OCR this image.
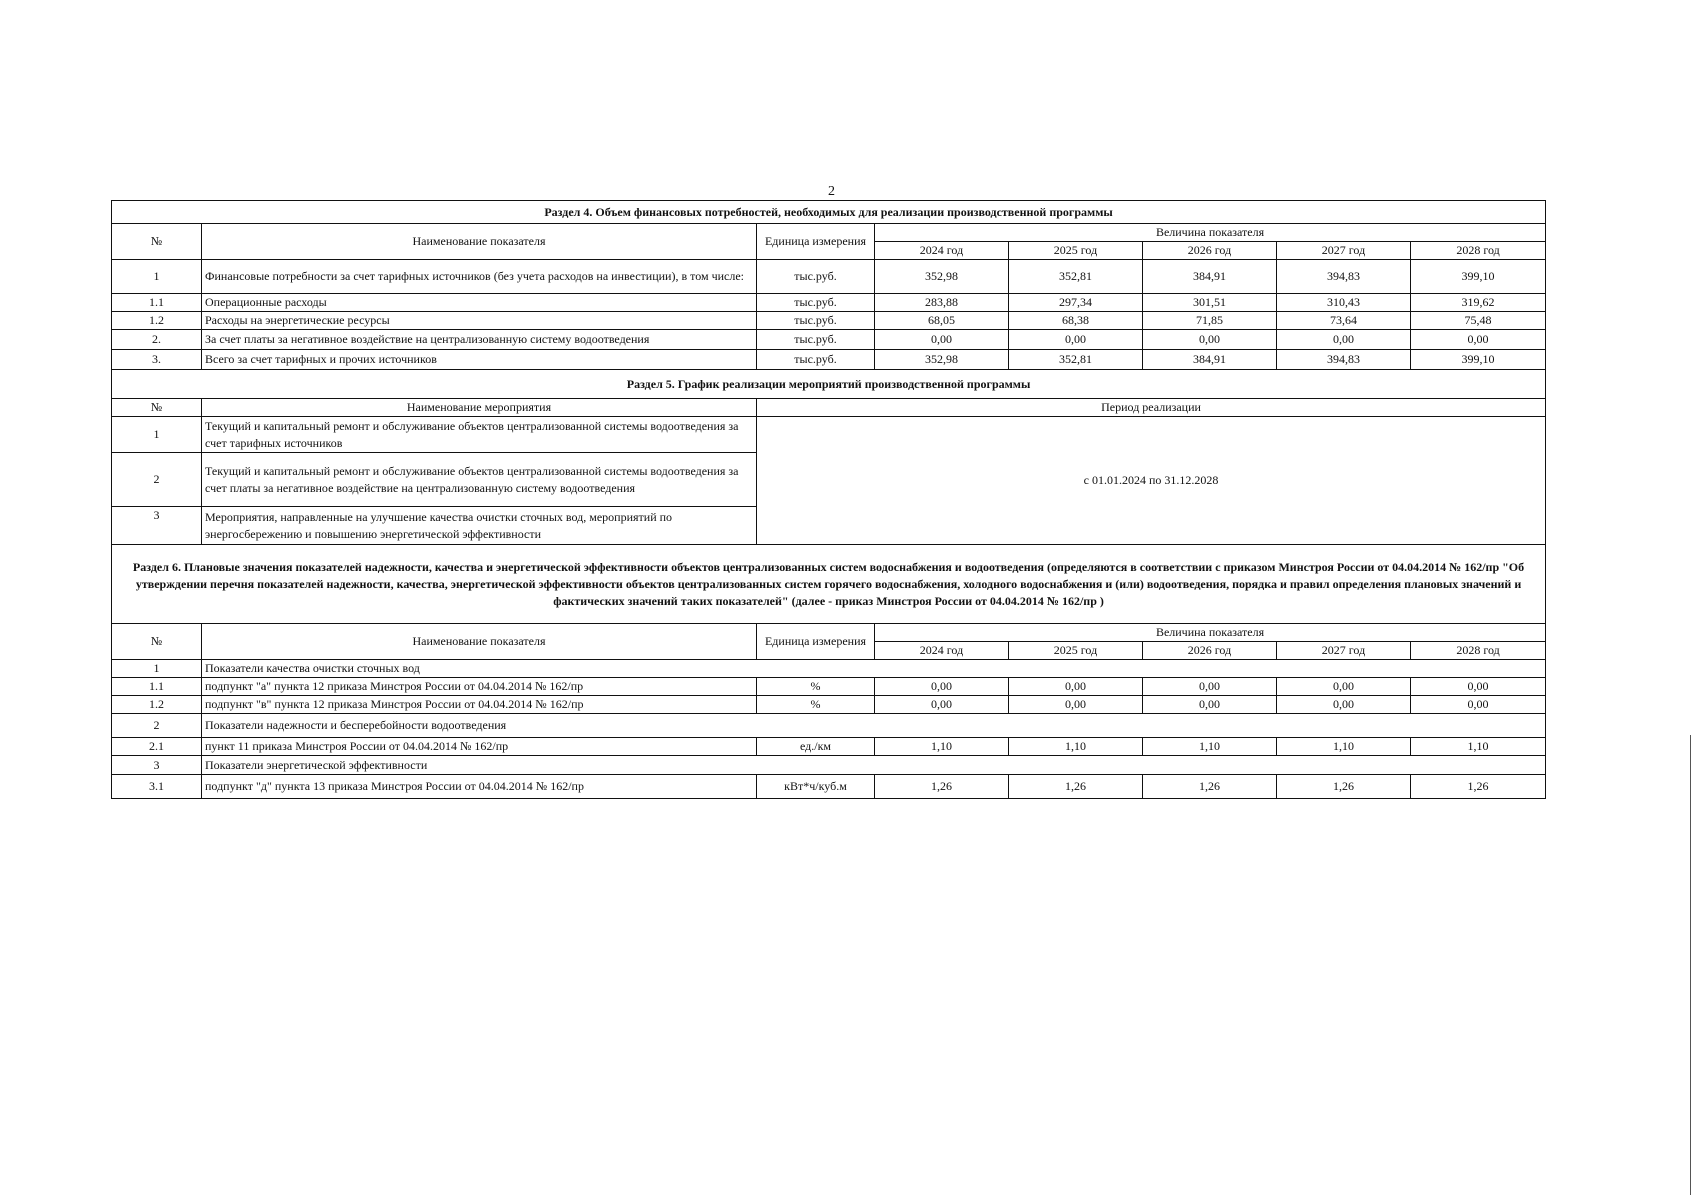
2
Раздел 4. Объем финансовых потребностей, необходимых для реализации производственной программы							
№	Наименование показателя	Единица измерения	Величина показателя				
			2024 год	2025 год	2026 год	2027 год	2028 год
1	Финансовые потребности за счет тарифных источников (без учета расходов на инвестиции), в том числе:	тыс.руб.	352,98	352,81	384,91	394,83	399,10
1.1	Операционные расходы	тыс.руб.	283,88	297,34	301,51	310,43	319,62
1.2	Расходы на энергетические ресурсы	тыс.руб.	68,05	68,38	71,85	73,64	75,48
2.	За счет платы за негативное воздействие на централизованную систему водоотведения	тыс.руб.	0,00	0,00	0,00	0,00	0,00
3.	Всего за счет тарифных и прочих источников	тыс.руб.	352,98	352,81	384,91	394,83	399,10
Раздел 5. График реализации мероприятий производственной программы							
№	Наименование мероприятия	Период реализации					
1	Текущий и капитальный ремонт и обслуживание объектов централизованной системы водоотведения за счет тарифных источников	с 01.01.2024 по 31.12.2028					
2	Текущий и капитальный ремонт и обслуживание объектов централизованной системы водоотведения за счет платы за негативное воздействие на централизованную систему водоотведения						
3	Мероприятия, направленные на улучшение качества очистки сточных вод, мероприятий по энергосбережению и повышению энергетической эффективности						
Раздел 6. Плановые значения показателей надежности, качества и энергетической эффективности объектов централизованных систем водоснабжения и водоотведения (определяются в соответствии с приказом Минстроя России от 04.04.2014 № 162/пр "Об утверждении перечня показателей надежности, качества, энергетической эффективности объектов централизованных систем горячего водоснабжения, холодного водоснабжения и (или) водоотведения, порядка и правил определения плановых значений и фактических значений таких показателей" (далее - приказ Минстроя России от 04.04.2014 № 162/пр )							
№	Наименование показателя	Единица измерения	Величина показателя				
			2024 год	2025 год	2026 год	2027 год	2028 год
1	Показатели качества очистки сточных вод						
1.1	подпункт "а" пункта 12 приказа Минстроя России от 04.04.2014 № 162/пр	%	0,00	0,00	0,00	0,00	0,00
1.2	подпункт "в" пункта 12 приказа Минстроя России от 04.04.2014 № 162/пр	%	0,00	0,00	0,00	0,00	0,00
2	Показатели надежности и бесперебойности водоотведения						
2.1	пункт 11 приказа Минстроя России от 04.04.2014 № 162/пр	ед./км	1,10	1,10	1,10	1,10	1,10
3	Показатели энергетической эффективности						
3.1	подпункт "д" пункта 13 приказа Минстроя России от 04.04.2014 № 162/пр	кВт*ч/куб.м	1,26	1,26	1,26	1,26	1,26
